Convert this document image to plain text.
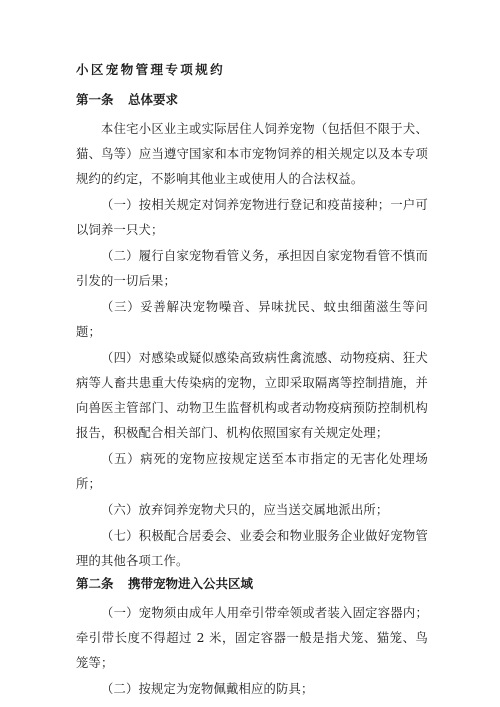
小区宠物管理专项规约
第一条 总体要求

本住宅小区业主或实际居住人饲养宠物（包括但不限于犬、猫、鸟等）应当遵守国家和本市宠物饲养的相关规定以及本专项规约的约定，不影响其他业主或使用人的合法权益。

（一）按相关规定对饲养宠物进行登记和疫苗接种；一户可以饲养一只犬；

（二）履行自家宠物看管义务，承担因自家宠物看管不慎而引发的一切后果；

（三）妥善解决宠物噪音、异味扰民、蚊虫细菌滋生等问题；

（四）对感染或疑似感染高致病性禽流感、动物疫病、狂犬病等人畜共患重大传染病的宠物，立即采取隔离等控制措施，并向兽医主管部门、动物卫生监督机构或者动物疫病预防控制机构报告，积极配合相关部门、机构依照国家有关规定处理；

（五）病死的宠物应按规定送至本市指定的无害化处理场所；

（六）放弃饲养宠物犬只的，应当送交属地派出所；

（七）积极配合居委会、业委会和物业服务企业做好宠物管理的其他各项工作。

第二条 携带宠物进入公共区域

（一）宠物须由成年人用牵引带牵领或者装入固定容器内；牵引带长度不得超过 2 米，固定容器一般是指犬笼、猫笼、鸟笼等；

（二）按规定为宠物佩戴相应的防具；
